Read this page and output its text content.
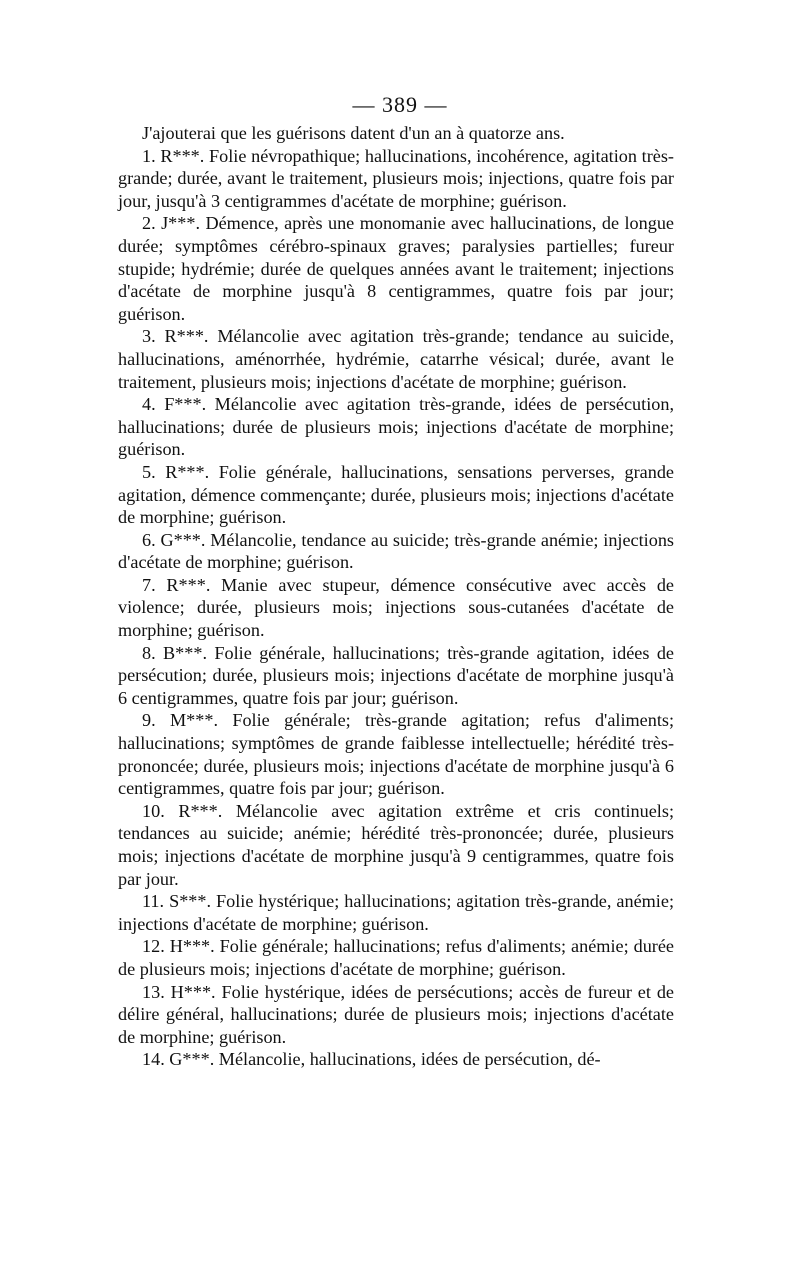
— 389 —

J'ajouterai que les guérisons datent d'un an à quatorze ans.

1. R***. Folie névropathique; hallucinations, incohérence, agitation très-grande; durée, avant le traitement, plusieurs mois; injections, quatre fois par jour, jusqu'à 3 centigrammes d'acétate de morphine; guérison.

2. J***. Démence, après une monomanie avec hallucinations, de longue durée; symptômes cérébro-spinaux graves; paralysies partielles; fureur stupide; hydrémie; durée de quelques années avant le traitement; injections d'acétate de morphine jusqu'à 8 centigrammes, quatre fois par jour; guérison.

3. R***. Mélancolie avec agitation très-grande; tendance au suicide, hallucinations, aménorrhée, hydrémie, catarrhe vésical; durée, avant le traitement, plusieurs mois; injections d'acétate de morphine; guérison.

4. F***. Mélancolie avec agitation très-grande, idées de persécution, hallucinations; durée de plusieurs mois; injections d'acétate de morphine; guérison.

5. R***. Folie générale, hallucinations, sensations perverses, grande agitation, démence commençante; durée, plusieurs mois; injections d'acétate de morphine; guérison.

6. G***. Mélancolie, tendance au suicide; très-grande anémie; injections d'acétate de morphine; guérison.

7. R***. Manie avec stupeur, démence consécutive avec accès de violence; durée, plusieurs mois; injections sous-cutanées d'acétate de morphine; guérison.

8. B***. Folie générale, hallucinations; très-grande agitation, idées de persécution; durée, plusieurs mois; injections d'acétate de morphine jusqu'à 6 centigrammes, quatre fois par jour; guérison.

9. M***. Folie générale; très-grande agitation; refus d'aliments; hallucinations; symptômes de grande faiblesse intellectuelle; hérédité très-prononcée; durée, plusieurs mois; injections d'acétate de morphine jusqu'à 6 centigrammes, quatre fois par jour; guérison.

10. R***. Mélancolie avec agitation extrême et cris continuels; tendances au suicide; anémie; hérédité très-prononcée; durée, plusieurs mois; injections d'acétate de morphine jusqu'à 9 centigrammes, quatre fois par jour.

11. S***. Folie hystérique; hallucinations; agitation très-grande, anémie; injections d'acétate de morphine; guérison.

12. H***. Folie générale; hallucinations; refus d'aliments; anémie; durée de plusieurs mois; injections d'acétate de morphine; guérison.

13. H***. Folie hystérique, idées de persécutions; accès de fureur et de délire général, hallucinations; durée de plusieurs mois; injections d'acétate de morphine; guérison.

14. G***. Mélancolie, hallucinations, idées de persécution, dé-
